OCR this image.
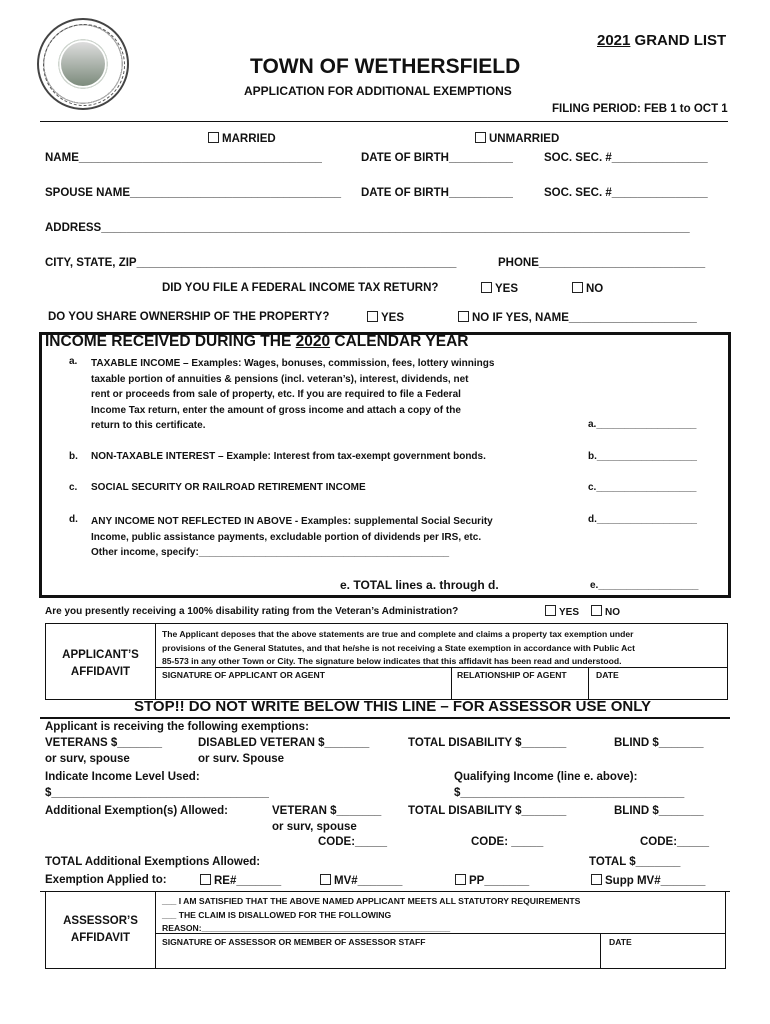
2021 GRAND LIST
TOWN OF WETHERSFIELD
APPLICATION FOR ADDITIONAL EXEMPTIONS
FILING PERIOD: FEB 1 to OCT 1
MARRIED	UNMARRIED
NAME______________________________________	DATE OF BIRTH__________	SOC. SEC. #_______________
SPOUSE NAME_________________________________ DATE OF BIRTH__________	SOC. SEC. #_______________
ADDRESS____________________________________________________________________________________________
CITY, STATE, ZIP__________________________________________________	PHONE__________________________
DID YOU FILE A FEDERAL INCOME TAX RETURN?	YES	NO
DO YOU SHARE OWNERSHIP OF THE PROPERTY?	YES	NO IF YES, NAME____________________
INCOME RECEIVED DURING THE 2020 CALENDAR YEAR
a. TAXABLE INCOME – Examples: Wages, bonuses, commission, fees, lottery winnings
taxable portion of annuities & pensions (incl. veteran’s), interest, dividends, net
rent or proceeds from sale of property, etc. If you are required to file a Federal
Income Tax return, enter the amount of gross income and attach a copy of the
return to this certificate.	a.__________________
b. NON-TAXABLE INTEREST – Example: Interest from tax-exempt government bonds.	b.__________________
c. SOCIAL SECURITY OR RAILROAD RETIREMENT INCOME	c.__________________
d. ANY INCOME NOT REFLECTED IN ABOVE - Examples: supplemental Social Security
Income, public assistance payments, excludable portion of dividends per IRS, etc.
Other income, specify:_____________________________________________
d.__________________
e. TOTAL lines a. through d.	e.__________________
Are you presently receiving a 100% disability rating from the Veteran’s Administration?	YES	NO
APPLICANT’S
AFFIDAVIT
The Applicant deposes that the above statements are true and complete and claims a property tax exemption under
provisions of the General Statutes, and that he/she is not receiving a State exemption in accordance with Public Act
85-573 in any other Town or City. The signature below indicates that this affidavit has been read and understood.
SIGNATURE OF APPLICANT OR AGENT	RELATIONSHIP OF AGENT	DATE
STOP!! DO NOT WRITE BELOW THIS LINE – FOR ASSESSOR USE ONLY
Applicant is receiving the following exemptions:
VETERANS $_______	DISABLED VETERAN $_______	TOTAL DISABILITY $_______	BLIND $_______
or surv, spouse	or surv. Spouse
Indicate Income Level Used:	Qualifying Income (line e. above):
$__________________________________	$___________________________________
Additional Exemption(s) Allowed:	VETERAN $_______ TOTAL DISABILITY $_______	BLIND $_______
or surv, spouse
CODE:_____	CODE: _____	CODE:_____
TOTAL Additional Exemptions Allowed:	TOTAL $_______
Exemption Applied to:	RE#_______	MV#_______	PP_______	Supp MV#_______
ASSESSOR’S
AFFIDAVIT
___ I AM SATISFIED THAT THE ABOVE NAMED APPLICANT MEETS ALL STATUTORY REQUIREMENTS
___ THE CLAIM IS DISALLOWED FOR THE FOLLOWING
REASON:____________________________________________________
SIGNATURE OF ASSESSOR OR MEMBER OF ASSESSOR STAFF	DATE
